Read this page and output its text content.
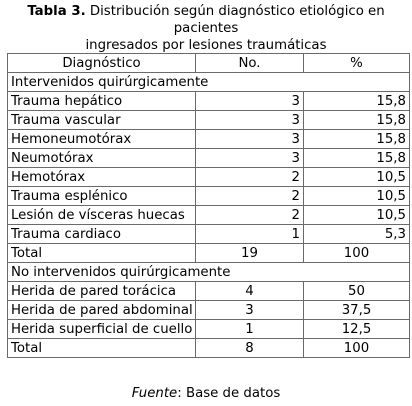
Tabla 3. Distribución según diagnóstico etiológico en pacientes
ingresados por lesiones traumáticas
Diagnóstico	No.	%
Intervenidos quirúrgicamente		
Trauma hepático	3	15,8
Trauma vascular	3	15,8
Hemoneumotórax	3	15,8
Neumotórax	3	15,8
Hemotórax	2	10,5
Trauma esplénico	2	10,5
Lesión de vísceras huecas	2	10,5
Trauma cardiaco	1	5,3
Total	19	100
No intervenidos quirúrgicamente		
Herida de pared torácica	4	50
Herida de pared abdominal	3	37,5
Herida superficial de cuello	1	12,5
Total	8	100
Fuente: Base de datos
